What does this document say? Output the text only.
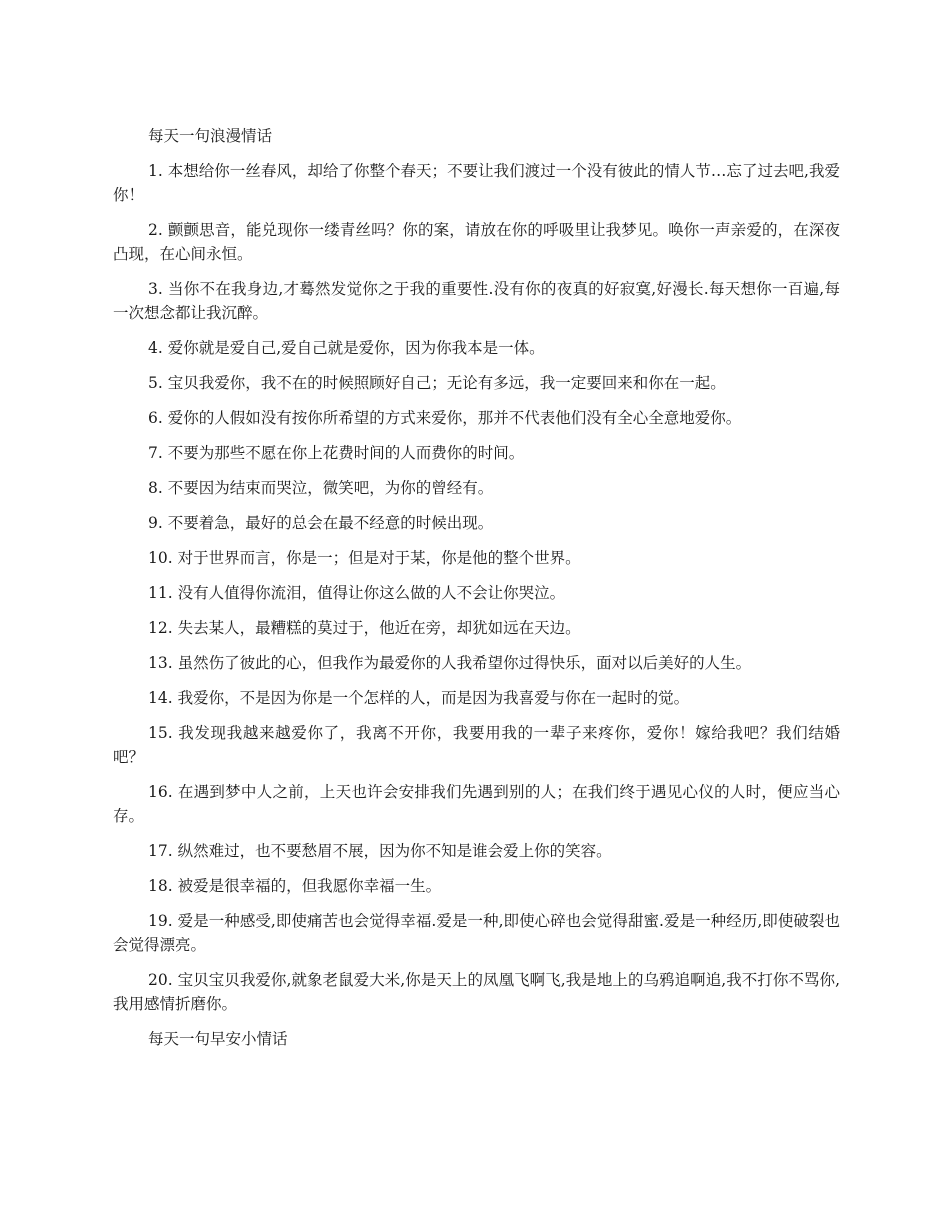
每天一句浪漫情话

1. 本想给你一丝春风，却给了你整个春天；不要让我们渡过一个没有彼此的情人节…忘了过去吧,我爱你！

2. 颤颤思音，能兑现你一缕青丝吗？你的案，请放在你的呼吸里让我梦见。唤你一声亲爱的，在深夜凸现，在心间永恒。

3. 当你不在我身边,才蓦然发觉你之于我的重要性.没有你的夜真的好寂寞,好漫长.每天想你一百遍,每一次想念都让我沉醉。

4. 爱你就是爱自己,爱自己就是爱你，因为你我本是一体。

5. 宝贝我爱你，我不在的时候照顾好自己；无论有多远，我一定要回来和你在一起。

6. 爱你的人假如没有按你所希望的方式来爱你，那并不代表他们没有全心全意地爱你。

7. 不要为那些不愿在你上花费时间的人而费你的时间。

8. 不要因为结束而哭泣，微笑吧，为你的曾经有。

9. 不要着急，最好的总会在最不经意的时候出现。

10. 对于世界而言，你是一；但是对于某，你是他的整个世界。

11. 没有人值得你流泪，值得让你这么做的人不会让你哭泣。

12. 失去某人，最糟糕的莫过于，他近在旁，却犹如远在天边。

13. 虽然伤了彼此的心，但我作为最爱你的人我希望你过得快乐，面对以后美好的人生。

14. 我爱你，不是因为你是一个怎样的人，而是因为我喜爱与你在一起时的觉。

15. 我发现我越来越爱你了，我离不开你，我要用我的一辈子来疼你，爱你！嫁给我吧？我们结婚吧？

16. 在遇到梦中人之前，上天也许会安排我们先遇到别的人；在我们终于遇见心仪的人时，便应当心存。

17. 纵然难过，也不要愁眉不展，因为你不知是谁会爱上你的笑容。

18. 被爱是很幸福的，但我愿你幸福一生。

19. 爱是一种感受,即使痛苦也会觉得幸福.爱是一种,即使心碎也会觉得甜蜜.爱是一种经历,即使破裂也会觉得漂亮。

20. 宝贝宝贝我爱你,就象老鼠爱大米,你是天上的凤凰飞啊飞,我是地上的乌鸦追啊追,我不打你不骂你,我用感情折磨你。

每天一句早安小情话
